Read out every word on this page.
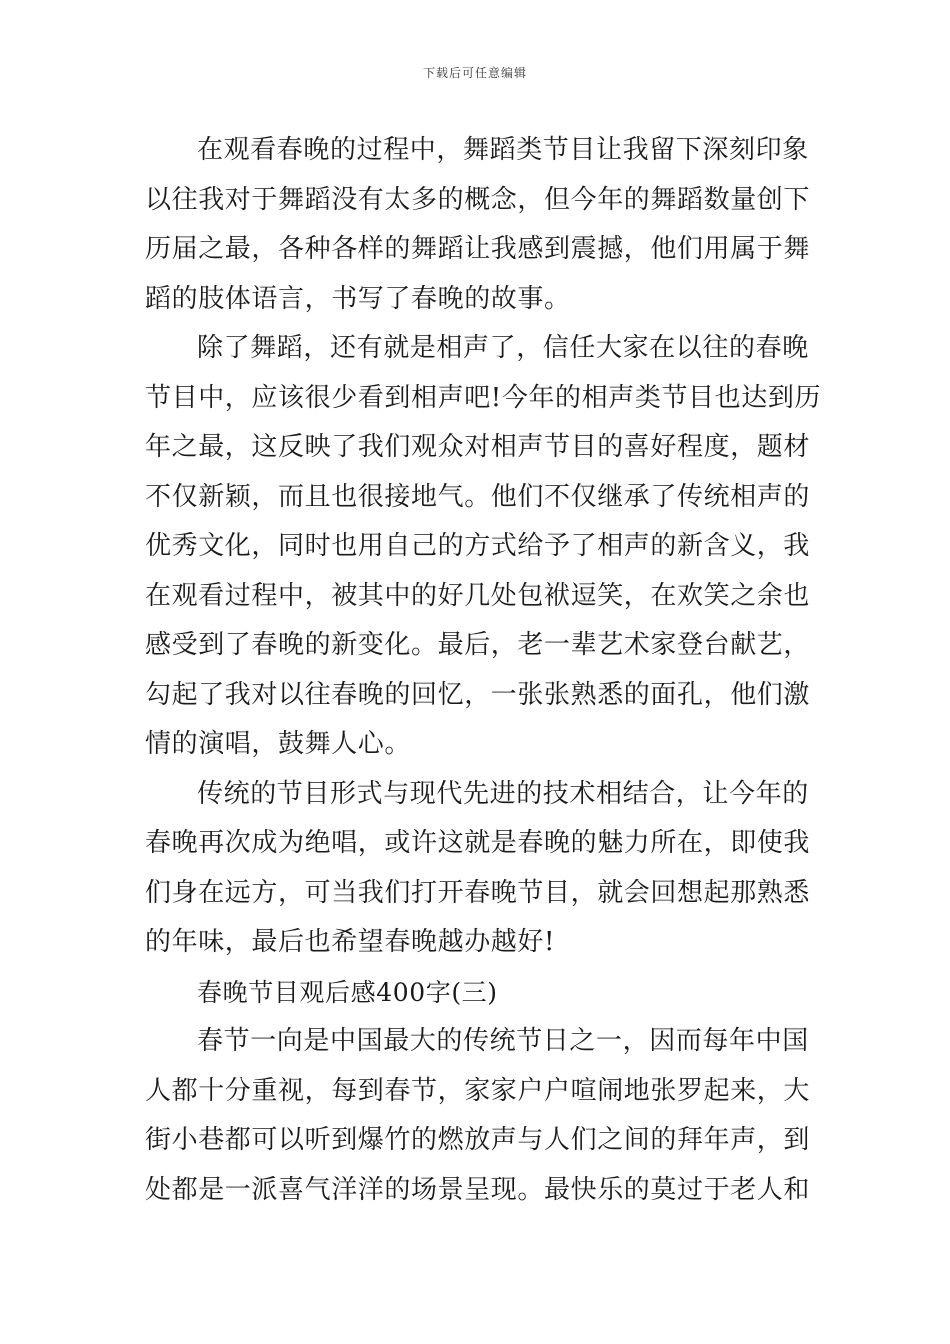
下载后可任意编辑
在观看春晚的过程中，舞蹈类节目让我留下深刻印象
以往我对于舞蹈没有太多的概念，但今年的舞蹈数量创下
历届之最，各种各样的舞蹈让我感到震撼，他们用属于舞
蹈的肢体语言，书写了春晚的故事。
除了舞蹈，还有就是相声了，信任大家在以往的春晚
节目中，应该很少看到相声吧!今年的相声类节目也达到历
年之最，这反映了我们观众对相声节目的喜好程度，题材
不仅新颖，而且也很接地气。他们不仅继承了传统相声的
优秀文化，同时也用自己的方式给予了相声的新含义，我
在观看过程中，被其中的好几处包袱逗笑，在欢笑之余也
感受到了春晚的新变化。最后，老一辈艺术家登台献艺，
勾起了我对以往春晚的回忆，一张张熟悉的面孔，他们激
情的演唱，鼓舞人心。
传统的节目形式与现代先进的技术相结合，让今年的
春晚再次成为绝唱，或许这就是春晚的魅力所在，即使我
们身在远方，可当我们打开春晚节目，就会回想起那熟悉
的年味，最后也希望春晚越办越好!
春晚节目观后感400字(三)
春节一向是中国最大的传统节日之一，因而每年中国
人都十分重视，每到春节，家家户户喧闹地张罗起来，大
街小巷都可以听到爆竹的燃放声与人们之间的拜年声，到
处都是一派喜气洋洋的场景呈现。最快乐的莫过于老人和
